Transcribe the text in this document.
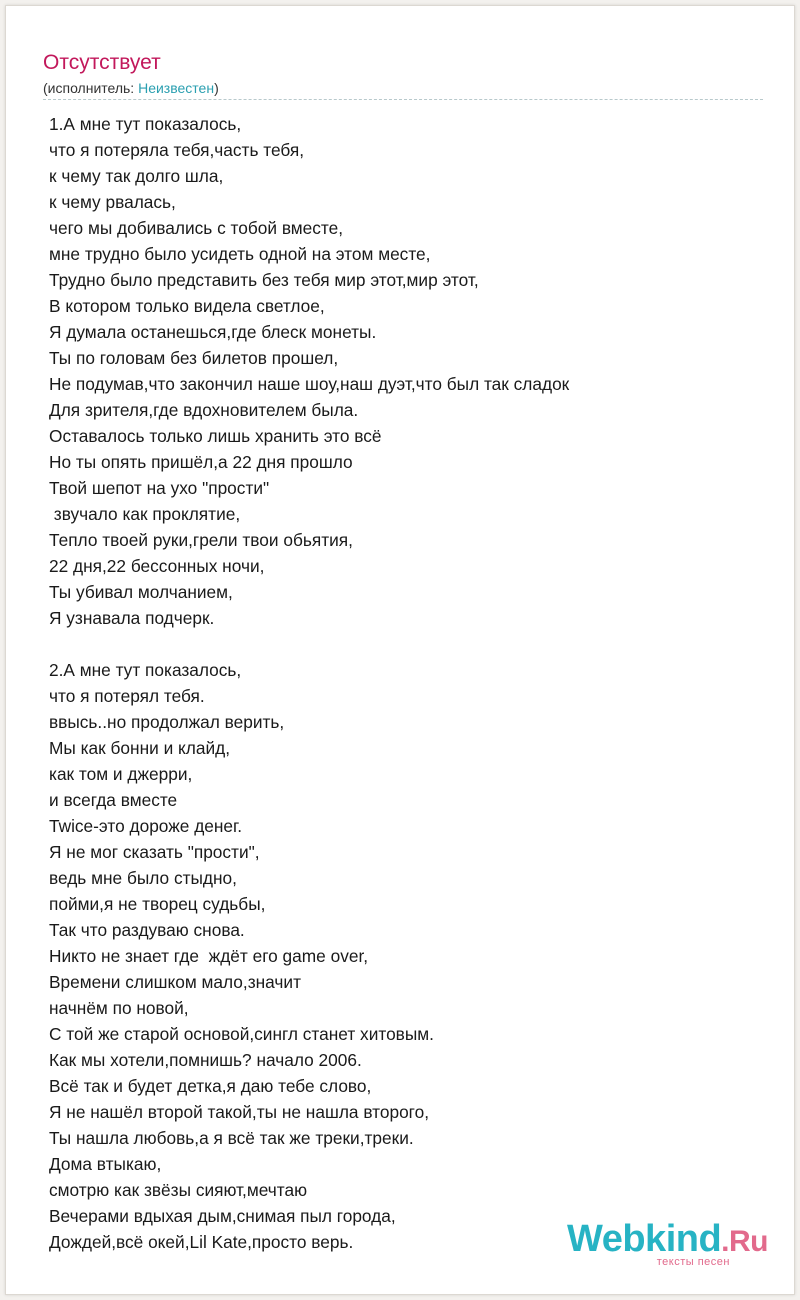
Отсутствует
(исполнитель: Неизвестен)
1.А мне тут показалось,
что я потеряла тебя,часть тебя,
к чему так долго шла,
к чему рвалась,
чего мы добивались с тобой вместе,
мне трудно было усидеть одной на этом месте,
Трудно было представить без тебя мир этот,мир этот,
В котором только видела светлое,
Я думала останешься,где блеск монеты.
Ты по головам без билетов прошел,
Не подумав,что закончил наше шоу,наш дуэт,что был так сладок
Для зрителя,где вдохновителем была.
Оставалось только лишь хранить это всё
Но ты опять пришёл,а 22 дня прошло
Твой шепот на ухо "прости"
звучало как проклятие,
Тепло твоей руки,грели твои обьятия,
22 дня,22 бессонных ночи,
Ты убивал молчанием,
Я узнавала подчерк.
2.А мне тут показалось,
что я потерял тебя.
ввысь..но продолжал верить,
Мы как бонни и клайд,
как том и джерри,
и всегда вместе
Twice-это дороже денег.
Я не мог сказать "прости",
ведь мне было стыдно,
пойми,я не творец судьбы,
Так что раздуваю снова.
Никто не знает где  ждёт его game over,
Времени слишком мало,значит
начнём по новой,
С той же старой основой,сингл станет хитовым.
Как мы хотели,помнишь? начало 2006.
Всё так и будет детка,я даю тебе слово,
Я не нашёл второй такой,ты не нашла второго,
Ты нашла любовь,а я всё так же треки,треки.
Дома втыкаю,
смотрю как звёзы сияют,мечтаю
Вечерами вдыхая дым,снимая пыл города,
Дождей,всё окей,Lil Kate,просто верь.	Webkind.Ru
тексты песен
